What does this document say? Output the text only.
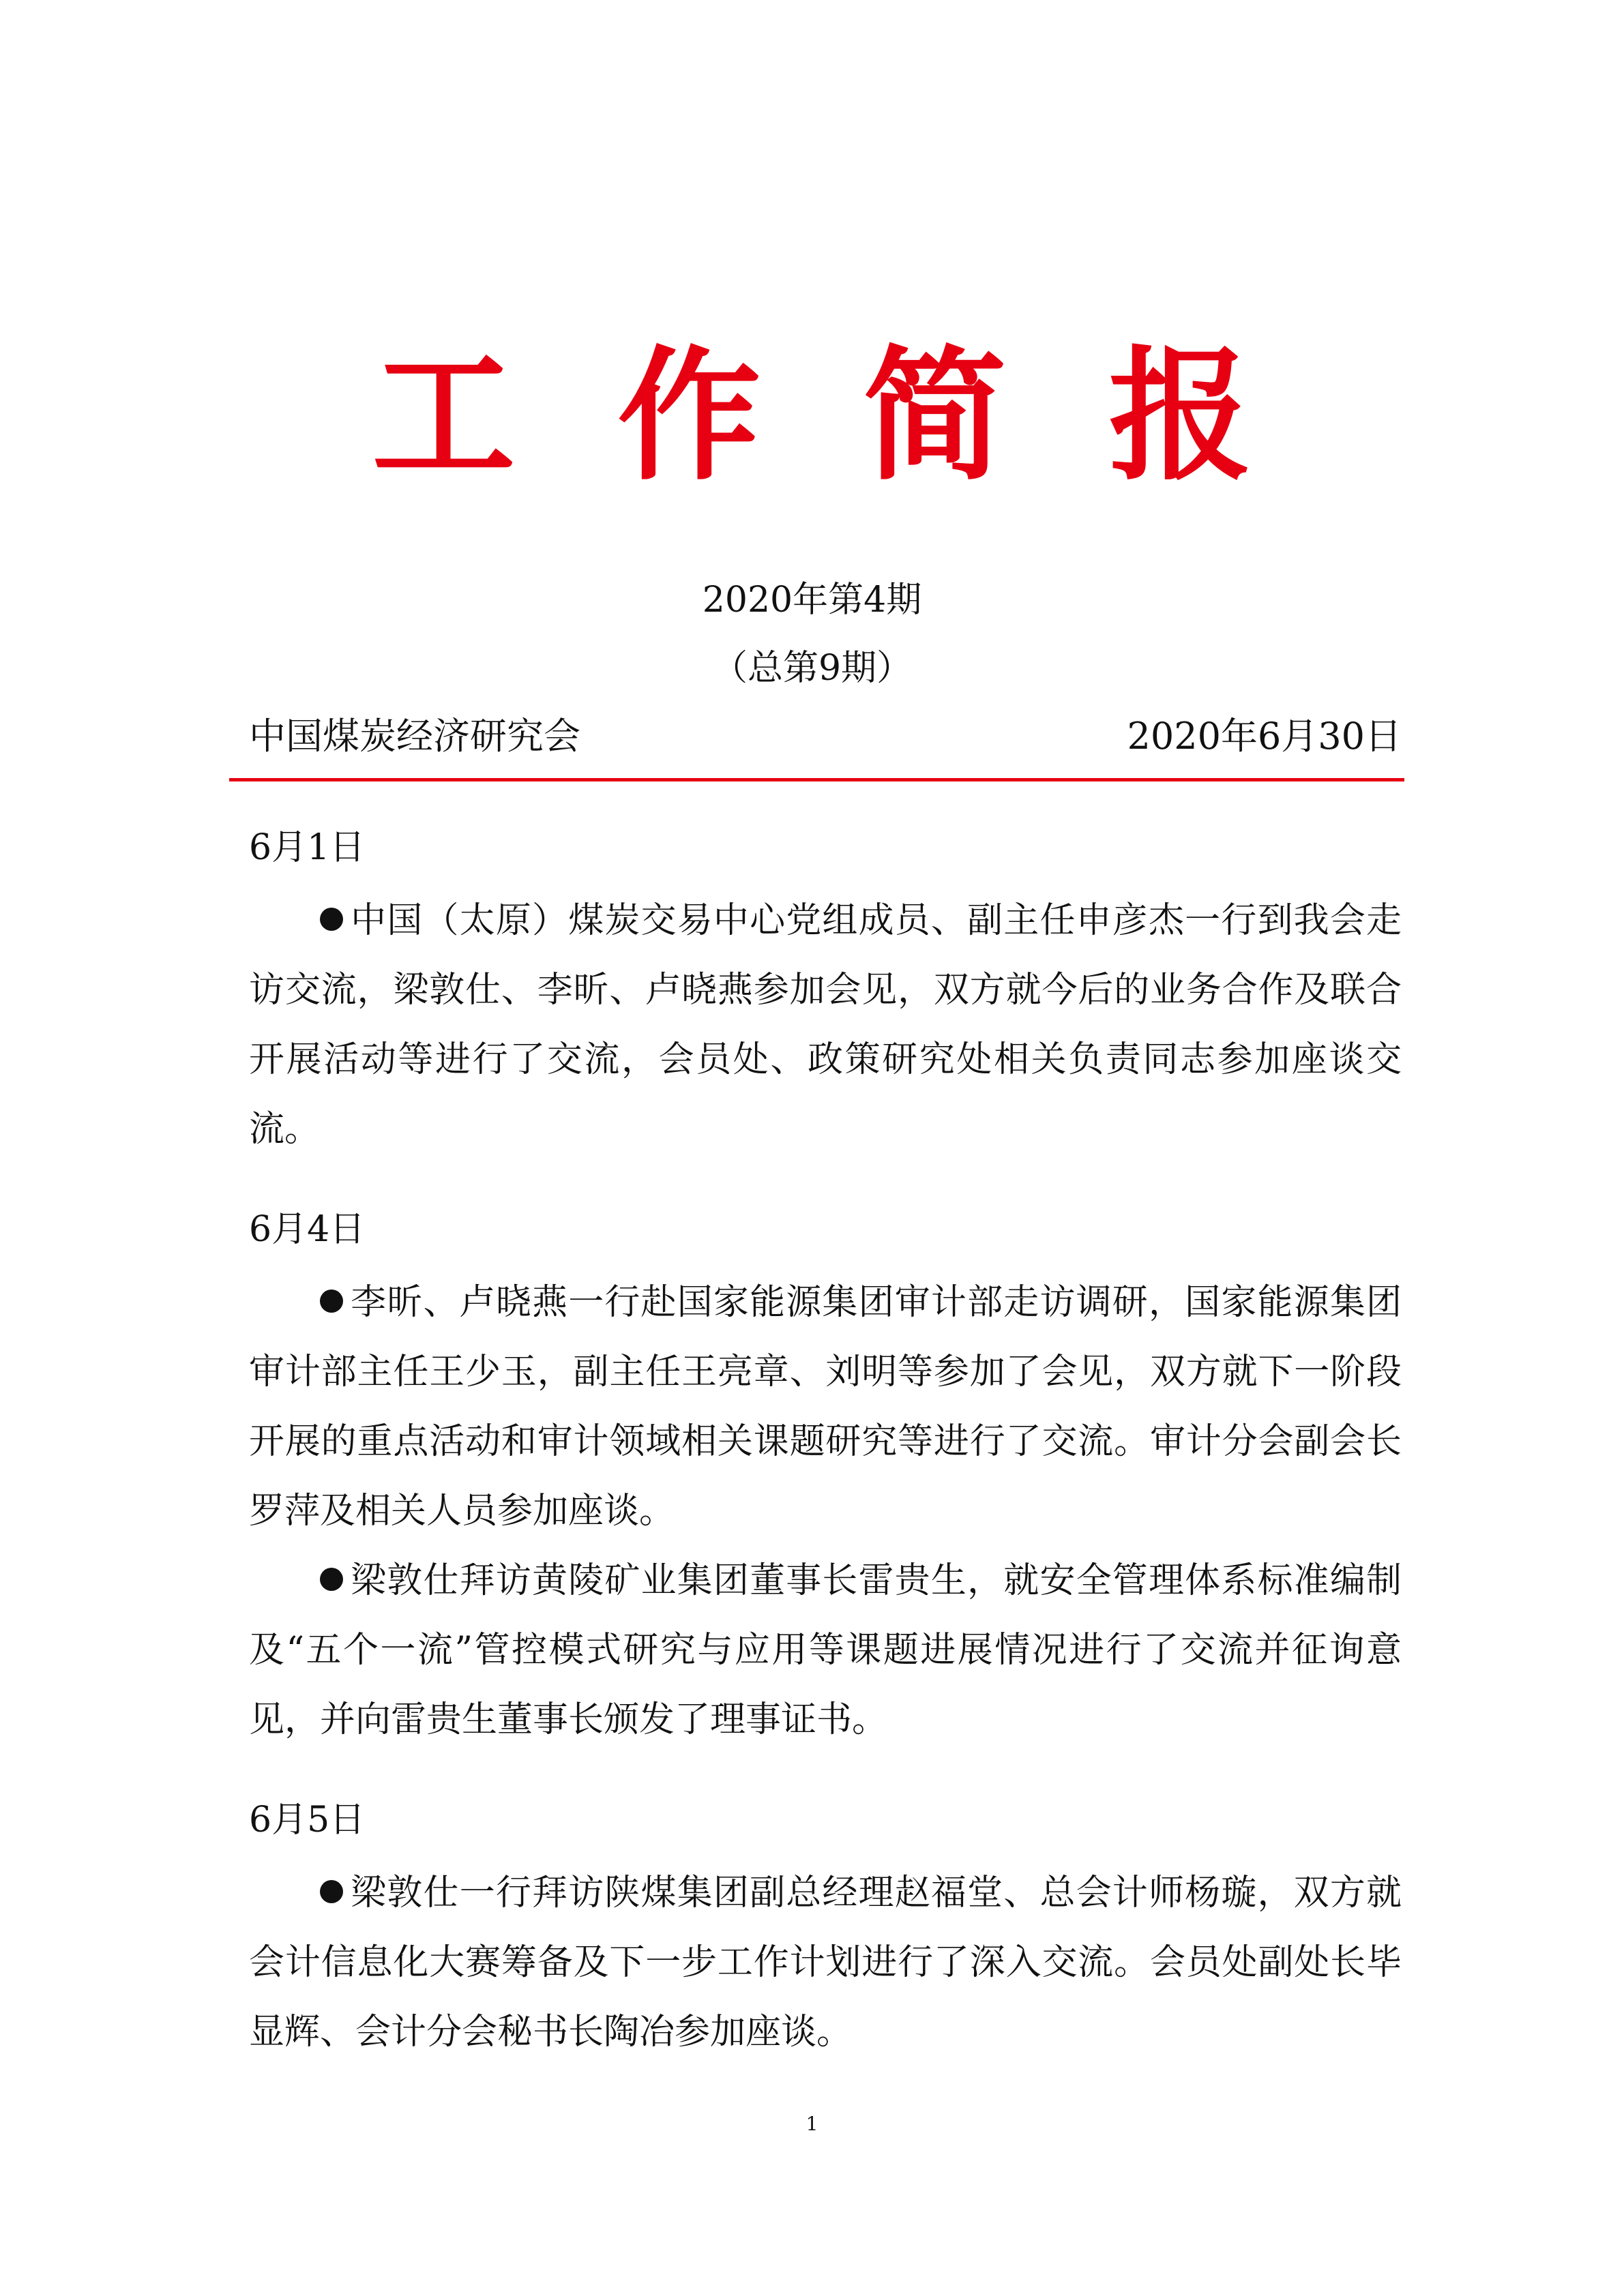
工作简报
2020年第4期
（总第9期）
中国煤炭经济研究会	2020年6月30日
6月1日

中国（太原）煤炭交易中心党组成员、副主任申彦杰一行到我会走访交流，梁敦仕、李昕、卢晓燕参加会见，双方就今后的业务合作及联合开展活动等进行了交流，会员处、政策研究处相关负责同志参加座谈交流。

6月4日

李昕、卢晓燕一行赴国家能源集团审计部走访调研，国家能源集团审计部主任王少玉，副主任王亮章、刘明等参加了会见，双方就下一阶段开展的重点活动和审计领域相关课题研究等进行了交流。审计分会副会长罗萍及相关人员参加座谈。

梁敦仕拜访黄陵矿业集团董事长雷贵生，就安全管理体系标准编制及“五个一流”管控模式研究与应用等课题进展情况进行了交流并征询意见，并向雷贵生董事长颁发了理事证书。

6月5日

梁敦仕一行拜访陕煤集团副总经理赵福堂、总会计师杨璇，双方就会计信息化大赛筹备及下一步工作计划进行了深入交流。会员处副处长毕显辉、会计分会秘书长陶冶参加座谈。

1
